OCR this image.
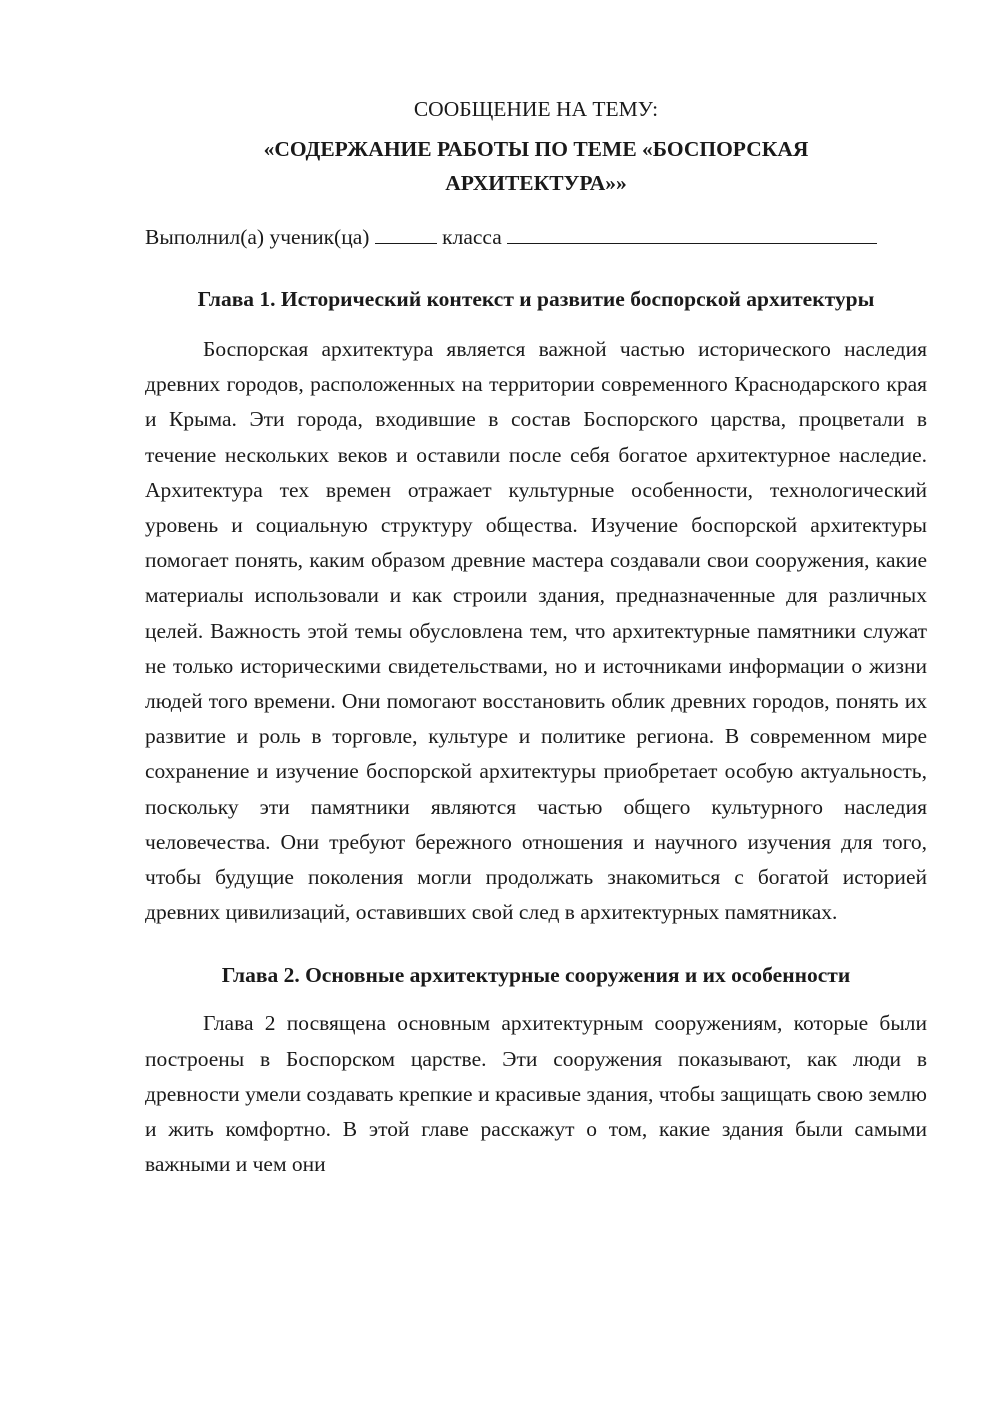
СООБЩЕНИЕ НА ТЕМУ:

«СОДЕРЖАНИЕ РАБОТЫ ПО ТЕМЕ «БОСПОРСКАЯ АРХИТЕКТУРА»»

Выполнил(а) ученик(ца)	класса
Глава 1. Исторический контекст и развитие боспорской архитектуры

Боспорская архитектура является важной частью исторического наследия древних городов, расположенных на территории современного Краснодарского края и Крыма. Эти города, входившие в состав Боспорского царства, процветали в течение нескольких веков и оставили после себя богатое архитектурное наследие. Архитектура тех времен отражает культурные особенности, технологический уровень и социальную структуру общества. Изучение боспорской архитектуры помогает понять, каким образом древние мастера создавали свои сооружения, какие материалы использовали и как строили здания, предназначенные для различных целей. Важность этой темы обусловлена тем, что архитектурные памятники служат не только историческими свидетельствами, но и источниками информации о жизни людей того времени. Они помогают восстановить облик древних городов, понять их развитие и роль в торговле, культуре и политике региона. В современном мире сохранение и изучение боспорской архитектуры приобретает особую актуальность, поскольку эти памятники являются частью общего культурного наследия человечества. Они требуют бережного отношения и научного изучения для того, чтобы будущие поколения могли продолжать знакомиться с богатой историей древних цивилизаций, оставивших свой след в архитектурных памятниках.

Глава 2. Основные архитектурные сооружения и их особенности

Глава 2 посвящена основным архитектурным сооружениям, которые были построены в Боспорском царстве. Эти сооружения показывают, как люди в древности умели создавать крепкие и красивые здания, чтобы защищать свою землю и жить комфортно. В этой главе расскажут о том, какие здания были самыми важными и чем они
